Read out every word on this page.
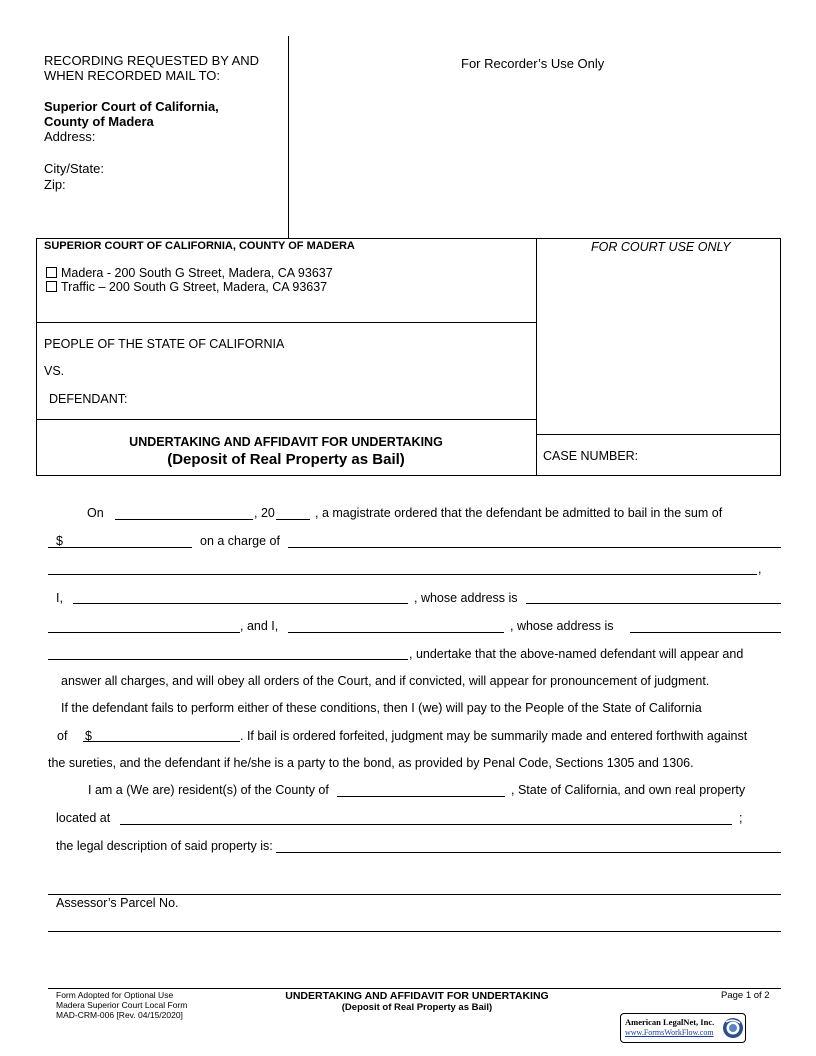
RECORDING REQUESTED BY AND
WHEN RECORDED MAIL TO:
Superior Court of California,
County of Madera
Address:
City/State:
Zip:
For Recorder’s Use Only
SUPERIOR COURT OF CALIFORNIA, COUNTY OF MADERA
Madera - 200 South G Street, Madera, CA 93637
Traffic – 200 South G Street, Madera, CA 93637
FOR COURT USE ONLY
PEOPLE OF THE STATE OF CALIFORNIA
VS.
DEFENDANT:
UNDERTAKING AND AFFIDAVIT FOR UNDERTAKING
(Deposit of Real Property as Bail)	CASE NUMBER:
On	, 20	, a magistrate ordered that the defendant be admitted to bail in the sum of
$	on a charge of
,
I,	, whose address is
, and I,	, whose address is
, undertake that the above-named defendant will appear and
answer all charges, and will obey all orders of the Court, and if convicted, will appear for pronouncement of judgment.
If the defendant fails to perform either of these conditions, then I (we) will pay to the People of the State of California
of $	. If bail is ordered forfeited, judgment may be summarily made and entered forthwith against
the sureties, and the defendant if he/she is a party to the bond, as provided by Penal Code, Sections 1305 and 1306.
I am a (We are) resident(s) of the County of	, State of California, and own real property
located at	;
the legal description of said property is:
Assessor’s Parcel No.
Form Adopted for Optional Use
Madera Superior Court Local Form
MAD-CRM-006 [Rev. 04/15/2020]
UNDERTAKING AND AFFIDAVIT FOR UNDERTAKING
(Deposit of Real Property as Bail)
Page 1 of 2
American LegalNet, Inc.
www.FormsWorkFlow.com
